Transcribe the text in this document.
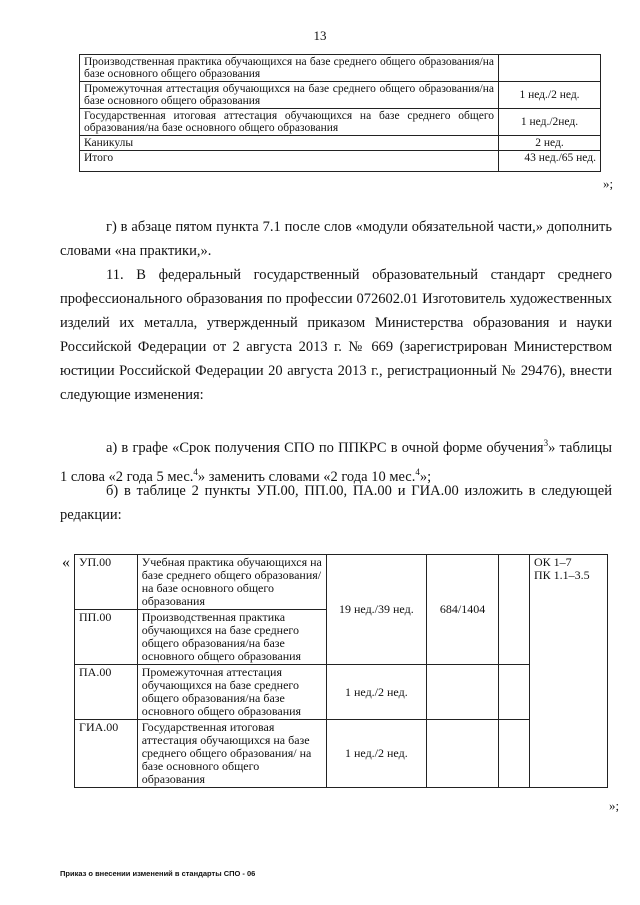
13
Производственная практика обучающихся на базе среднего общего образования/на базе основного общего образования	
Промежуточная аттестация обучающихся на базе среднего общего образования/на базе основного общего образования	1 нед./2 нед.
Государственная итоговая аттестация обучающихся на базе среднего общего образования/на базе основного общего образования	1 нед./2нед.
Каникулы	2 нед.
Итого	43 нед./65 нед.
»;
г) в абзаце пятом пункта 7.1 после слов «модули обязательной части,» дополнить словами «на практики,».
11. В федеральный государственный образовательный стандарт среднего профессионального образования по профессии 072602.01 Изготовитель художественных изделий их металла, утвержденный приказом Министерства образования и науки Российской Федерации от 2 августа 2013 г. № 669 (зарегистрирован Министерством юстиции Российской Федерации 20 августа 2013 г., регистрационный № 29476), внести следующие изменения:
а) в графе «Срок получения СПО по ППКРС в очной форме обучения$^3$» таблицы 1 слова «2 года 5 мес.$^4$» заменить словами «2 года 10 мес.$^4$»;
б) в таблице 2 пункты УП.00, ПП.00, ПА.00 и ГИА.00 изложить в следующей редакции:
« УП.00	Учебная практика обучающихся на базе среднего общего образования/на базе основного общего образования	19 нед./39 нед.	684/1404		ОК 1–7
ПК 1.1–3.5

ПП.00	Производственная практика обучающихся на базе среднего общего образования/на базе основного общего образования				
ПА.00	Промежуточная аттестация обучающихся на базе среднего общего образования/на базе основного общего образования	1 нед./2 нед.			
ГИА.00	Государственная итоговая аттестация обучающихся на базе среднего общего образования/ на базе основного общего образования	1 нед./2 нед.			
»;
Приказ о внесении изменений в стандарты СПО - 06
